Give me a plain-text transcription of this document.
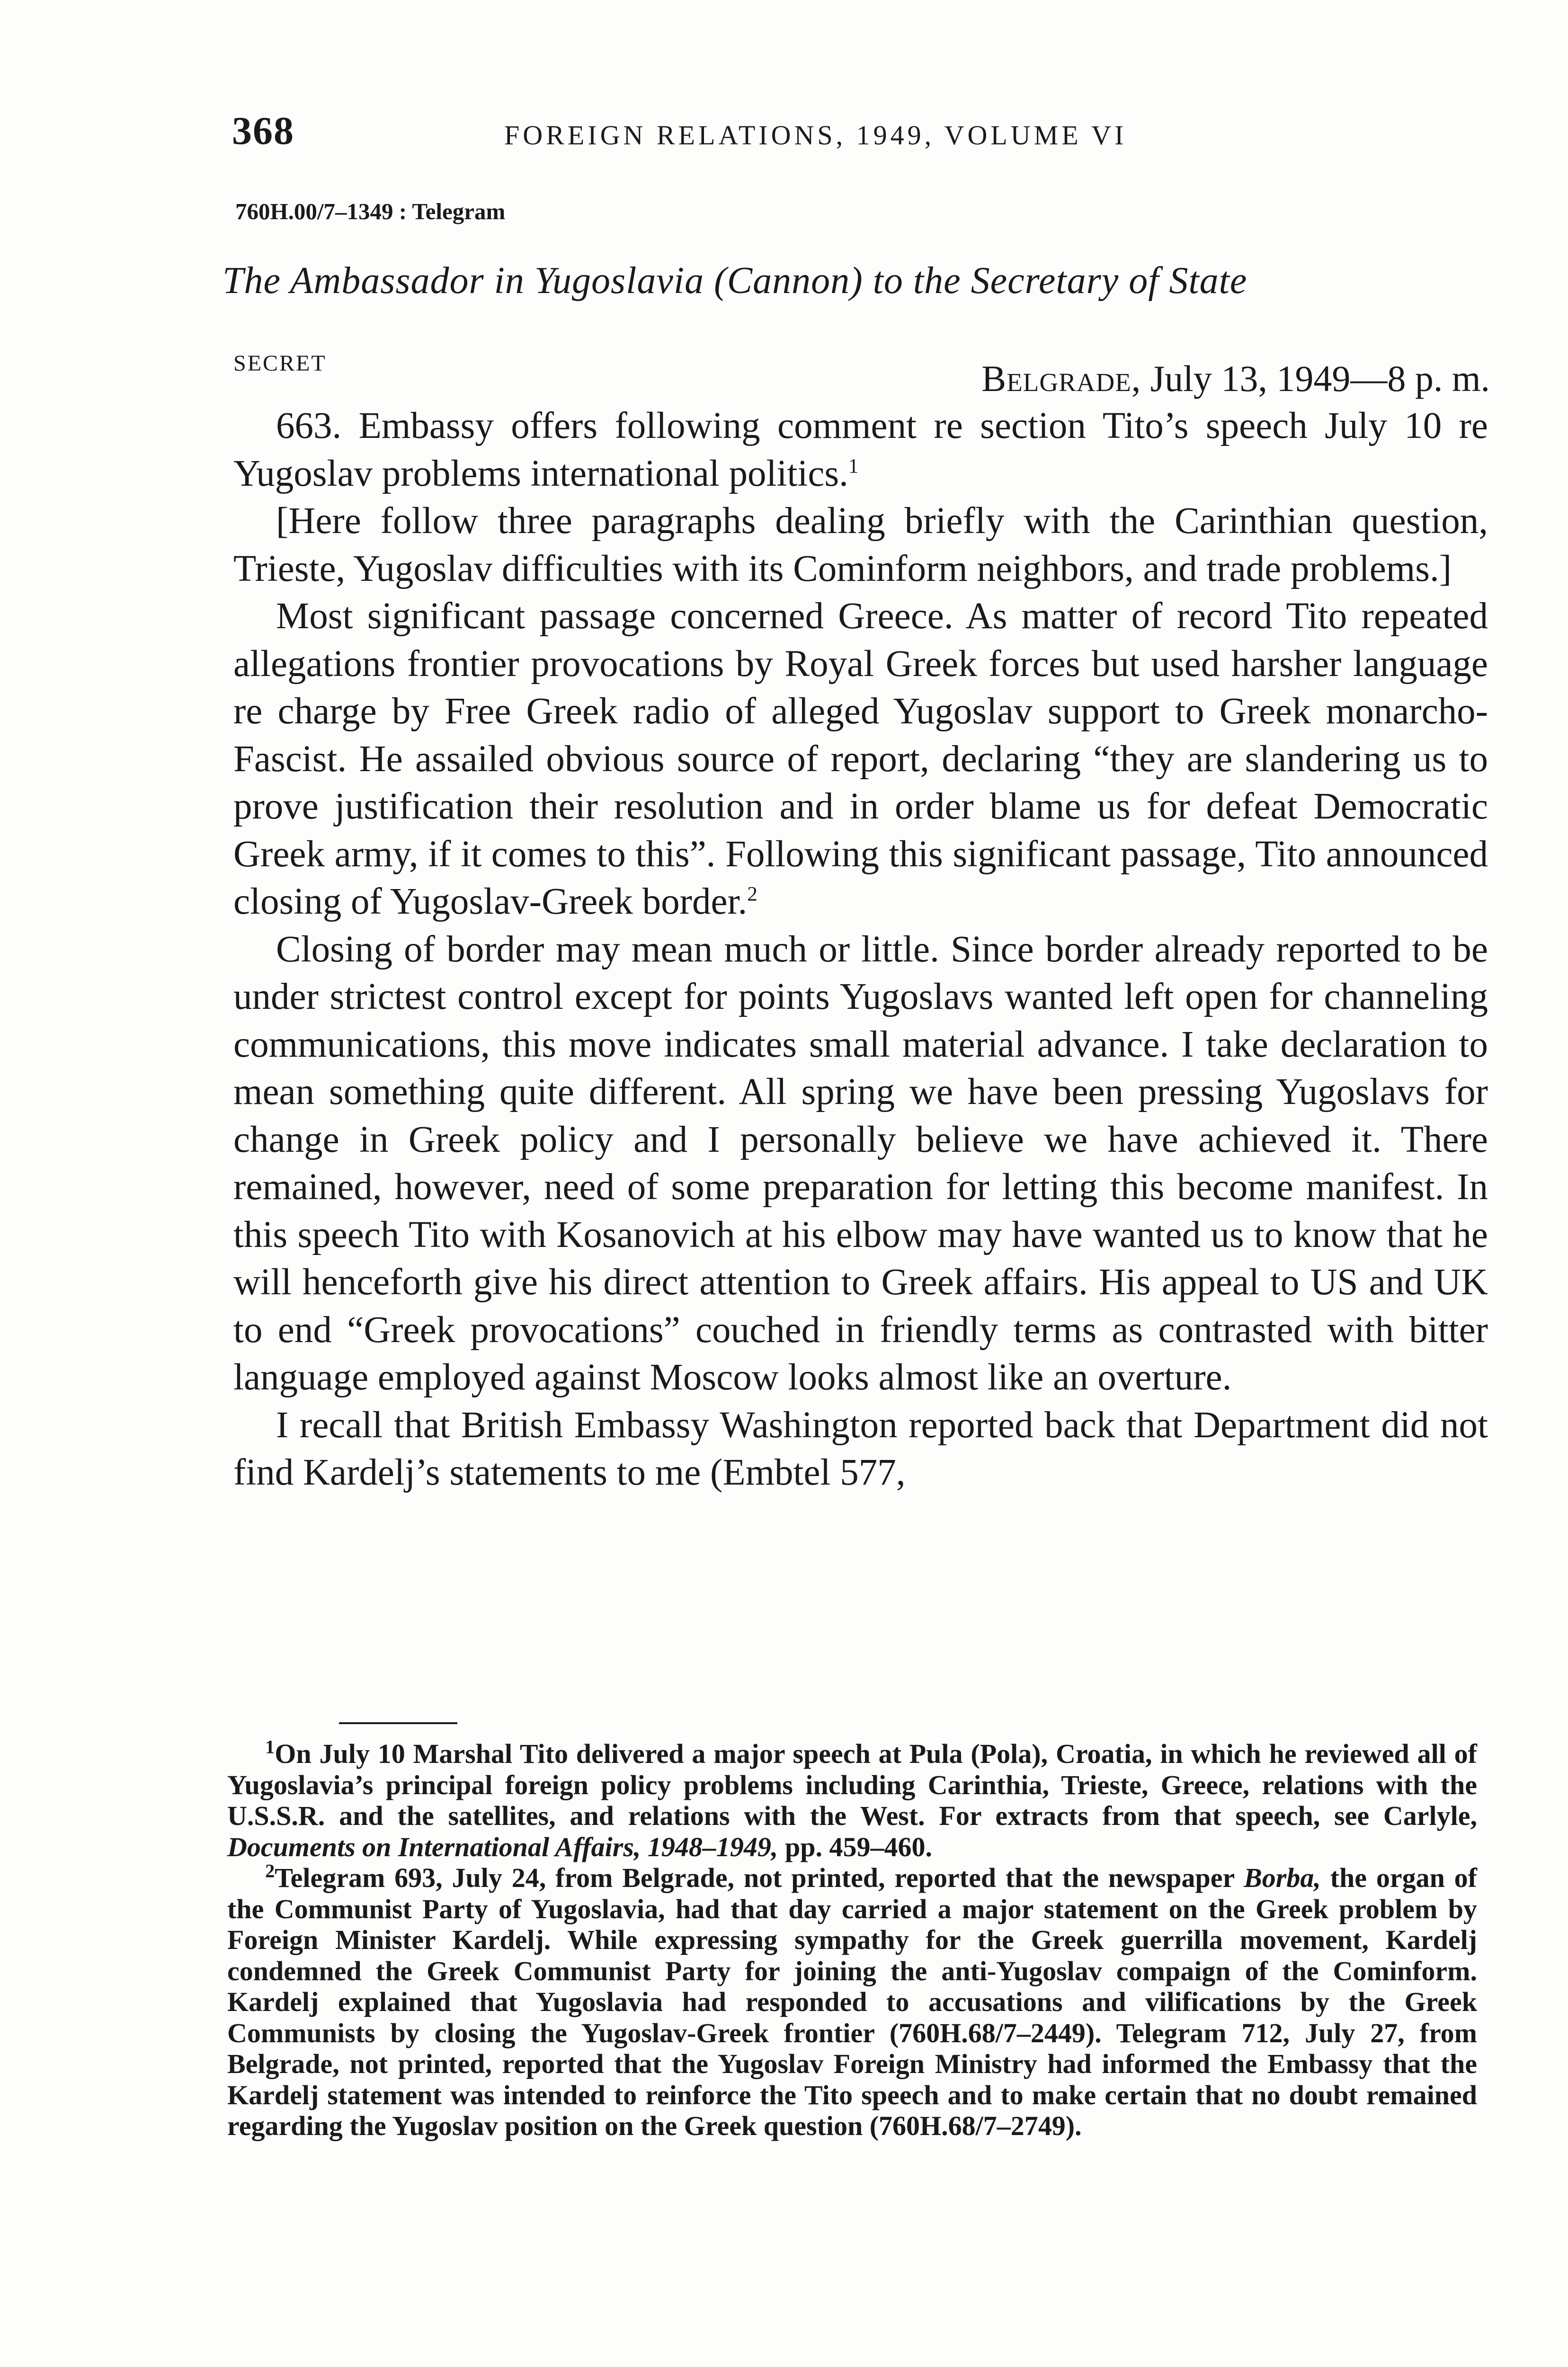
368	FOREIGN RELATIONS, 1949, VOLUME VI
760H.00/7–1349 : Telegram
The Ambassador in Yugoslavia (Cannon) to the Secretary of State
SECRET	Belgrade, July 13, 1949—8 p. m.

663. Embassy offers following comment re section Tito’s speech July 10 re Yugoslav problems international politics.$^1$

[Here follow three paragraphs dealing briefly with the Carinthian question, Trieste, Yugoslav difficulties with its Cominform neighbors, and trade problems.]

Most significant passage concerned Greece. As matter of record Tito repeated allegations frontier provocations by Royal Greek forces but used harsher language re charge by Free Greek radio of alleged Yugoslav support to Greek monarcho-Fascist. He assailed obvious source of report, declaring “they are slandering us to prove justification their resolution and in order blame us for defeat Democratic Greek army, if it comes to this”. Following this significant passage, Tito announced closing of Yugoslav-Greek border.$^2$

Closing of border may mean much or little. Since border already reported to be under strictest control except for points Yugoslavs wanted left open for channeling communications, this move indicates small material advance. I take declaration to mean something quite different. All spring we have been pressing Yugoslavs for change in Greek policy and I personally believe we have achieved it. There remained, however, need of some preparation for letting this become manifest. In this speech Tito with Kosanovich at his elbow may have wanted us to know that he will henceforth give his direct attention to Greek affairs. His appeal to US and UK to end “Greek provocations” couched in friendly terms as contrasted with bitter language employed against Moscow looks almost like an overture.

I recall that British Embassy Washington reported back that Department did not find Kardelj’s statements to me (Embtel 577,

$^1$On July 10 Marshal Tito delivered a major speech at Pula (Pola), Croatia, in which he reviewed all of Yugoslavia’s principal foreign policy problems including Carinthia, Trieste, Greece, relations with the U.S.S.R. and the satellites, and relations with the West. For extracts from that speech, see Carlyle, Documents on International Affairs, 1948–1949, pp. 459–460.

$^2$Telegram 693, July 24, from Belgrade, not printed, reported that the newspaper Borba, the organ of the Communist Party of Yugoslavia, had that day carried a major statement on the Greek problem by Foreign Minister Kardelj. While expressing sympathy for the Greek guerrilla movement, Kardelj condemned the Greek Communist Party for joining the anti-Yugoslav compaign of the Cominform. Kardelj explained that Yugoslavia had responded to accusations and vilifications by the Greek Communists by closing the Yugoslav-Greek frontier (760H.68/7–2449). Telegram 712, July 27, from Belgrade, not printed, reported that the Yugoslav Foreign Ministry had informed the Embassy that the Kardelj statement was intended to reinforce the Tito speech and to make certain that no doubt remained regarding the Yugoslav position on the Greek question (760H.68/7–2749).
